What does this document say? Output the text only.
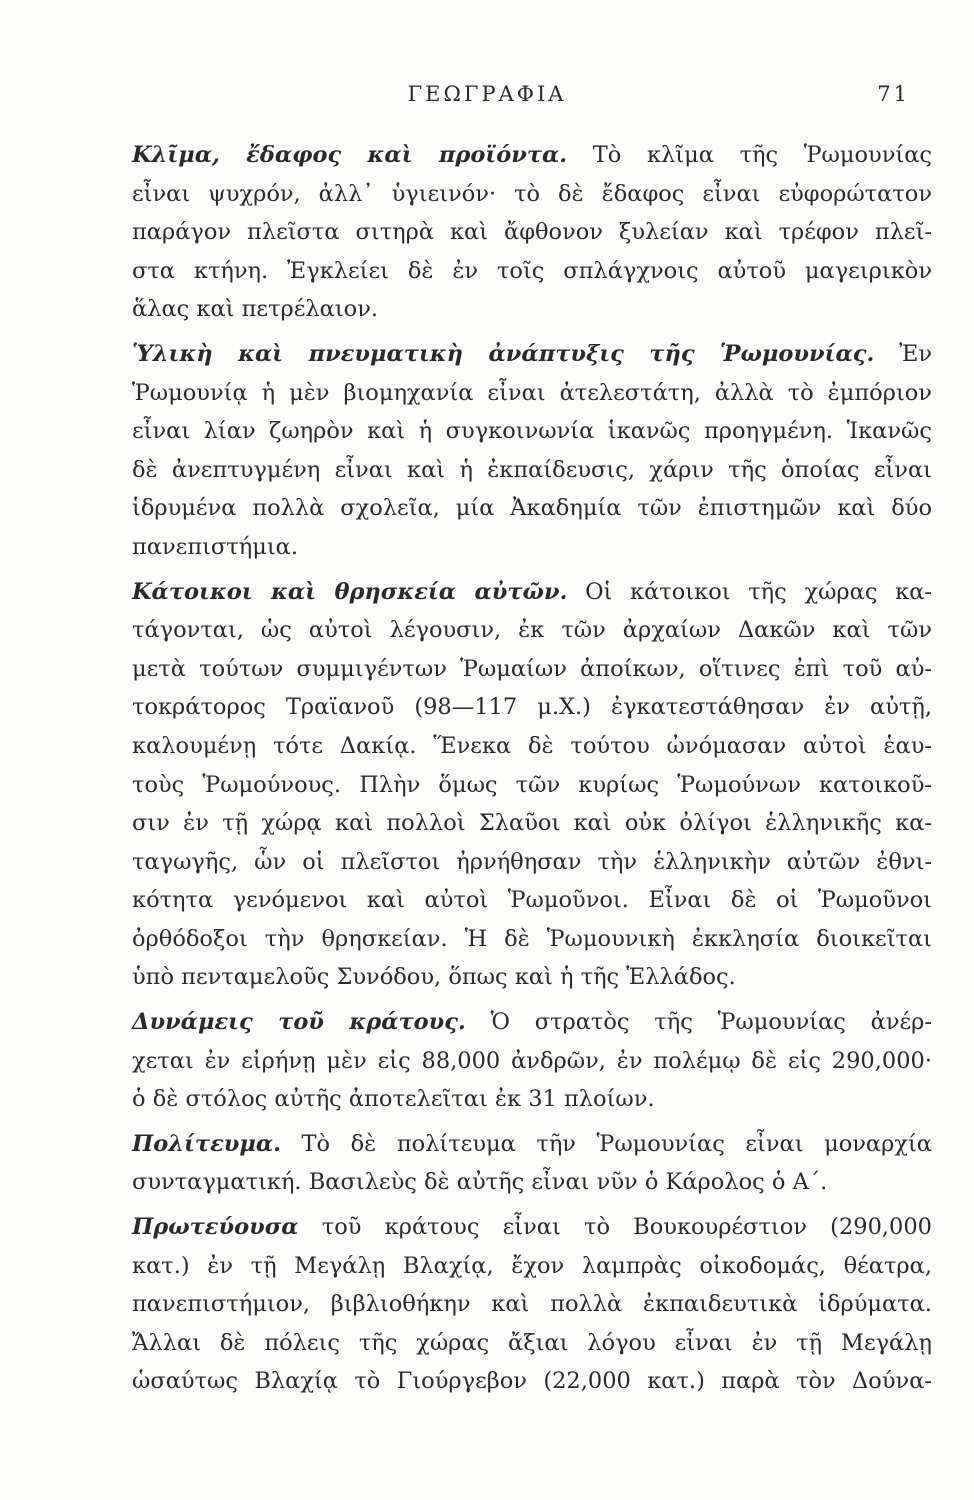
ΓΕΩΓΡΑΦΙΑ	71
Κλῖμα, ἔδαφος καὶ προϊόντα. Τὸ κλῖμα τῆς Ῥωμουνίας
εἶναι ψυχρόν, ἀλλ᾽ ὑγιεινόν· τὸ δὲ ἔδαφος εἶναι εὐφορώτατον
παράγον πλεῖστα σιτηρὰ καὶ ἄφθονον ξυλείαν καὶ τρέφον πλεῖ-
στα κτήνη. Ἐγκλείει δὲ ἐν τοῖς σπλάγχνοις αὐτοῦ μαγειρικὸν
ἅλας καὶ πετρέλαιον.
Ὑλικὴ καὶ πνευματικὴ ἀνάπτυξις τῆς Ῥωμουνίας. Ἐν
Ῥωμουνίᾳ ἡ μὲν βιομηχανία εἶναι ἀτελεστάτη, ἀλλὰ τὸ ἐμπόριον
εἶναι λίαν ζωηρὸν καὶ ἡ συγκοινωνία ἱκανῶς προηγμένη. Ἱκανῶς
δὲ ἀνεπτυγμένη εἶναι καὶ ἡ ἐκπαίδευσις, χάριν τῆς ὁποίας εἶναι
ἱδρυμένα πολλὰ σχολεῖα, μία Ἀκαδημία τῶν ἐπιστημῶν καὶ δύο
πανεπιστήμια.
Κάτοικοι καὶ θρησκεία αὐτῶν. Οἱ κάτοικοι τῆς χώρας κα-
τάγονται, ὡς αὐτοὶ λέγουσιν, ἐκ τῶν ἀρχαίων Δακῶν καὶ τῶν
μετὰ τούτων συμμιγέντων Ῥωμαίων ἀποίκων, οἵτινες ἐπὶ τοῦ αὐ-
τοκράτορος Τραϊανοῦ (98—117 μ.Χ.) ἐγκατεστάθησαν ἐν αὐτῇ,
καλουμένῃ τότε Δακίᾳ. Ἕνεκα δὲ τούτου ὠνόμασαν αὐτοὶ ἑαυ-
τοὺς Ῥωμούνους. Πλὴν ὅμως τῶν κυρίως Ῥωμούνων κατοικοῦ-
σιν ἐν τῇ χώρᾳ καὶ πολλοὶ Σλαῦοι καὶ οὐκ ὀλίγοι ἑλληνικῆς κα-
ταγωγῆς, ὧν οἱ πλεῖστοι ἠρνήθησαν τὴν ἑλληνικὴν αὐτῶν ἐθνι-
κότητα γενόμενοι καὶ αὐτοὶ Ῥωμοῦνοι. Εἶναι δὲ οἱ Ῥωμοῦνοι
ὀρθόδοξοι τὴν θρησκείαν. Ἡ δὲ Ῥωμουνικὴ ἐκκλησία διοικεῖται
ὑπὸ πενταμελοῦς Συνόδου, ὅπως καὶ ἡ τῆς Ἑλλάδος.
Δυνάμεις τοῦ κράτους. Ὁ στρατὸς τῆς Ῥωμουνίας ἀνέρ-
χεται ἐν εἰρήνῃ μὲν εἰς 88,000 ἀνδρῶν, ἐν πολέμῳ δὲ εἰς 290,000·
ὁ δὲ στόλος αὐτῆς ἀποτελεῖται ἐκ 31 πλοίων.
Πολίτευμα. Τὸ δὲ πολίτευμα τῆν Ῥωμουνίας εἶναι μοναρχία
συνταγματική. Βασιλεὺς δὲ αὐτῆς εἶναι νῦν ὁ Κάρολος ὁ Α΄.
Πρωτεύουσα τοῦ κράτους εἶναι τὸ Βουκουρέστιον (290,000
κατ.) ἐν τῇ Μεγάλῃ Βλαχίᾳ, ἔχον λαμπρὰς οἰκοδομάς, θέατρα,
πανεπιστήμιον, βιβλιοθήκην καὶ πολλὰ ἐκπαιδευτικὰ ἱδρύματα.
Ἄλλαι δὲ πόλεις τῆς χώρας ἄξιαι λόγου εἶναι ἐν τῇ Μεγάλῃ
ὡσαύτως Βλαχίᾳ τὸ Γιούργεβον (22,000 κατ.) παρὰ τὸν Δούνα-
